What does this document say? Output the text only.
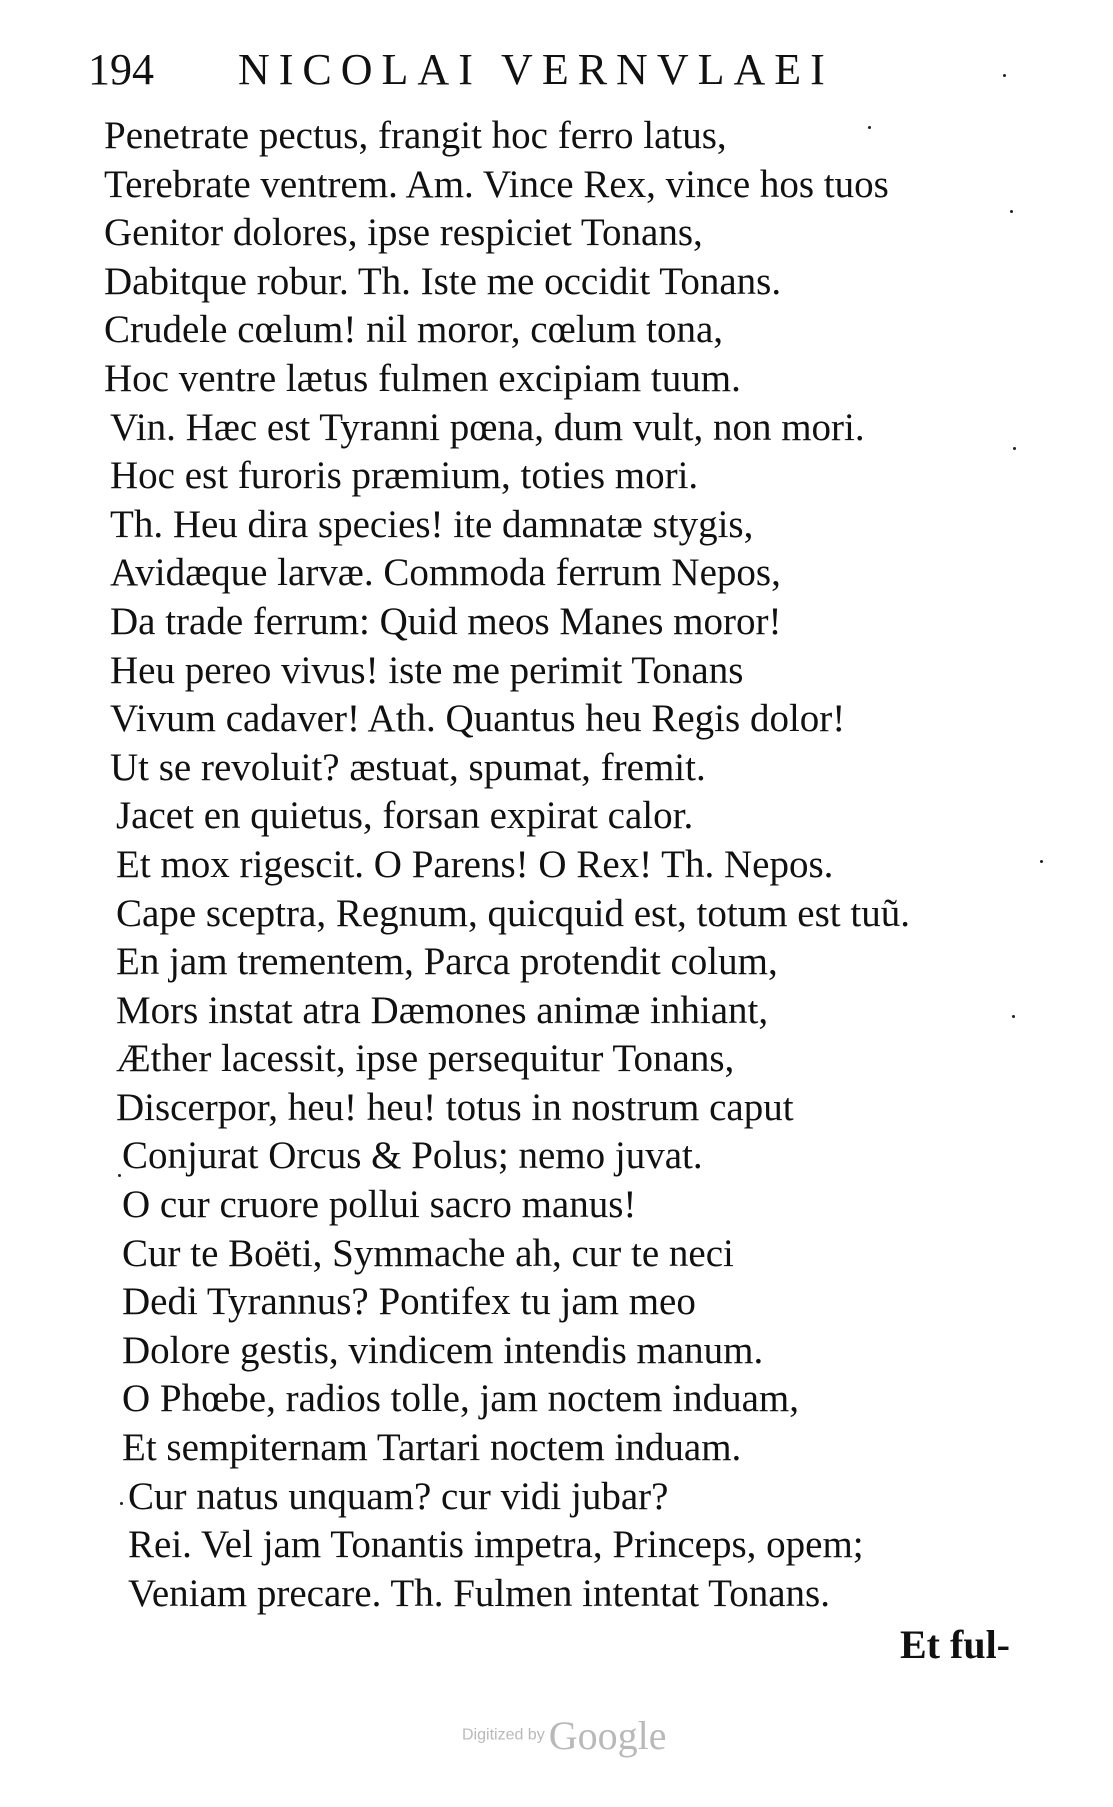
194 NICOLAI VERNVLAEI
Penetrate pectus, frangit hoc ferro latus,
Terebrate ventrem. Am. Vince Rex, vince hos tuos
Genitor dolores, ipse respiciet Tonans,
Dabitque robur. Th. Iste me occidit Tonans.
Crudele cœlum! nil moror, cœlum tona,
Hoc ventre lætus fulmen excipiam tuum.
Vin. Hæc est Tyranni pœna, dum vult, non mori.
Hoc est furoris præmium, toties mori.
Th. Heu dira species! ite damnatæ stygis,
Avidæque larvæ. Commoda ferrum Nepos,
Da trade ferrum: Quid meos Manes moror!
Heu pereo vivus! iste me perimit Tonans
Vivum cadaver! Ath. Quantus heu Regis dolor!
Ut se revoluit? æstuat, spumat, fremit.
Jacet en quietus, forsan expirat calor.
Et mox rigescit. O Parens! O Rex! Th. Nepos.
Cape sceptra, Regnum, quicquid est, totum est tuũ.
En jam trementem, Parca protendit colum,
Mors instat atra Dæmones animæ inhiant,
Æther lacessit, ipse persequitur Tonans,
Discerpor, heu! heu! totus in nostrum caput
Conjurat Orcus & Polus; nemo juvat.
O cur cruore pollui sacro manus!
Cur te Boëti, Symmache ah, cur te neci
Dedi Tyrannus? Pontifex tu jam meo
Dolore gestis, vindicem intendis manum.
O Phœbe, radios tolle, jam noctem induam,
Et sempiternam Tartari noctem induam.
Cur natus unquam? cur vidi jubar?
Rei. Vel jam Tonantis impetra, Princeps, opem;
Veniam precare. Th. Fulmen intentat Tonans.
Et ful-
Digitized by Google
